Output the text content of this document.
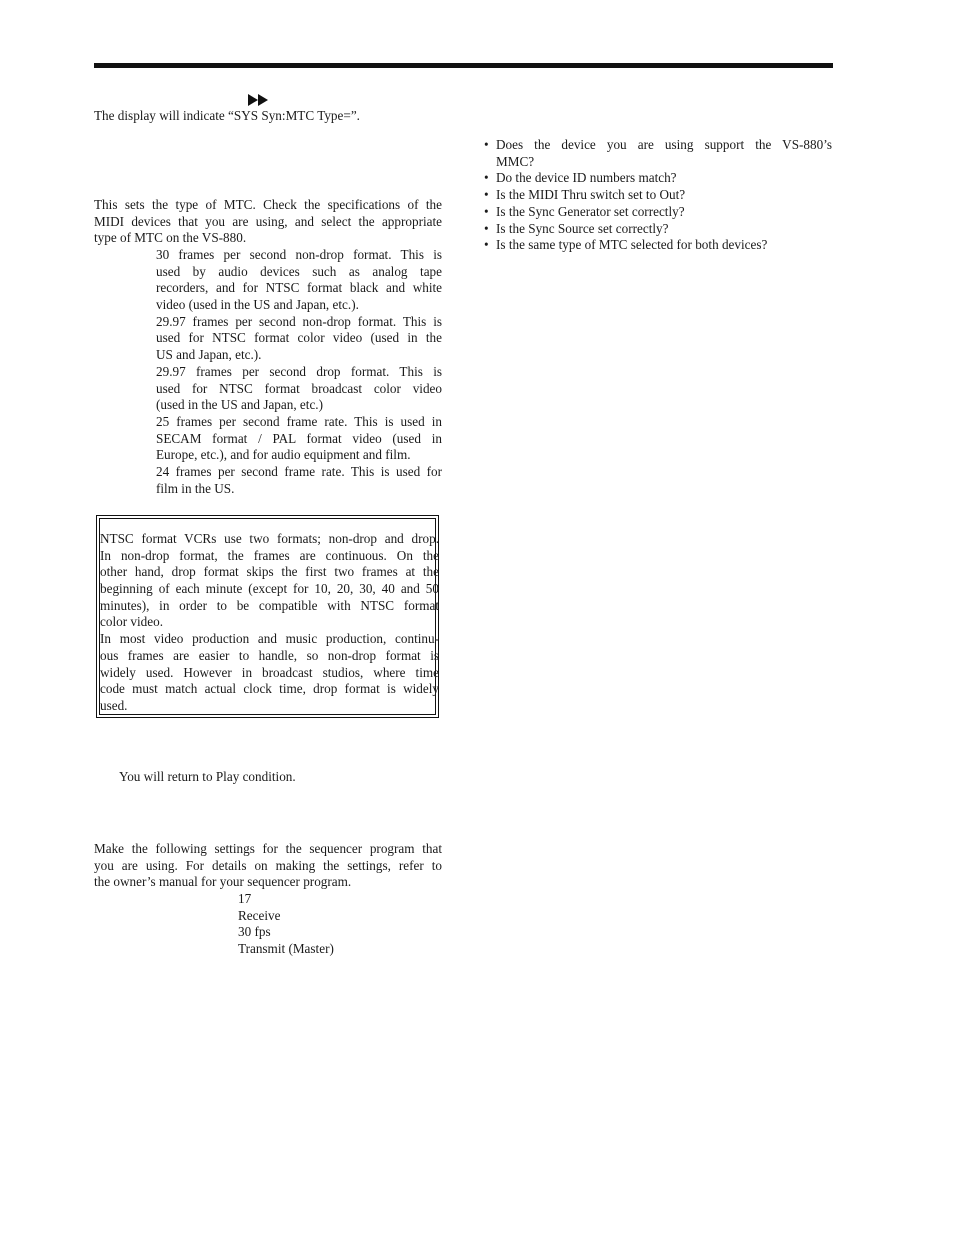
The display will indicate “SYS Syn:MTC Type=”.
This sets the type of MTC. Check the specifications of the
MIDI devices that you are using, and select the appropriate
type of MTC on the VS-880.
30 frames per second non-drop format. This is
used by audio devices such as analog tape
recorders, and for NTSC format black and white
video (used in the US and Japan, etc.).
29.97 frames per second non-drop format. This is
used for NTSC format color video (used in the
US and Japan, etc.).
29.97 frames per second drop format. This is
used for NTSC format broadcast color video
(used in the US and Japan, etc.)
25 frames per second frame rate. This is used in
SECAM format / PAL format video (used in
Europe, etc.), and for audio equipment and film.
24 frames per second frame rate. This is used for
film in the US.
NTSC format VCRs use two formats; non-drop and drop.
In non-drop format, the frames are continuous. On the
other hand, drop format skips the first two frames at the
beginning of each minute (except for 10, 20, 30, 40 and 50
minutes), in order to be compatible with NTSC format
color video.
In most video production and music production, continu-
ous frames are easier to handle, so non-drop format is
widely used. However in broadcast studios, where time
code must match actual clock time, drop format is widely
used.
You will return to Play condition.
Make the following settings for the sequencer program that
you are using. For details on making the settings, refer to
the owner’s manual for your sequencer program.
17
Receive
30 fps
Transmit (Master)
• Does the device you are using support the VS-880’s
MMC?
• Do the device ID numbers match?
• Is the MIDI Thru switch set to Out?
• Is the Sync Generator set correctly?
• Is the Sync Source set correctly?
• Is the same type of MTC selected for both devices?
